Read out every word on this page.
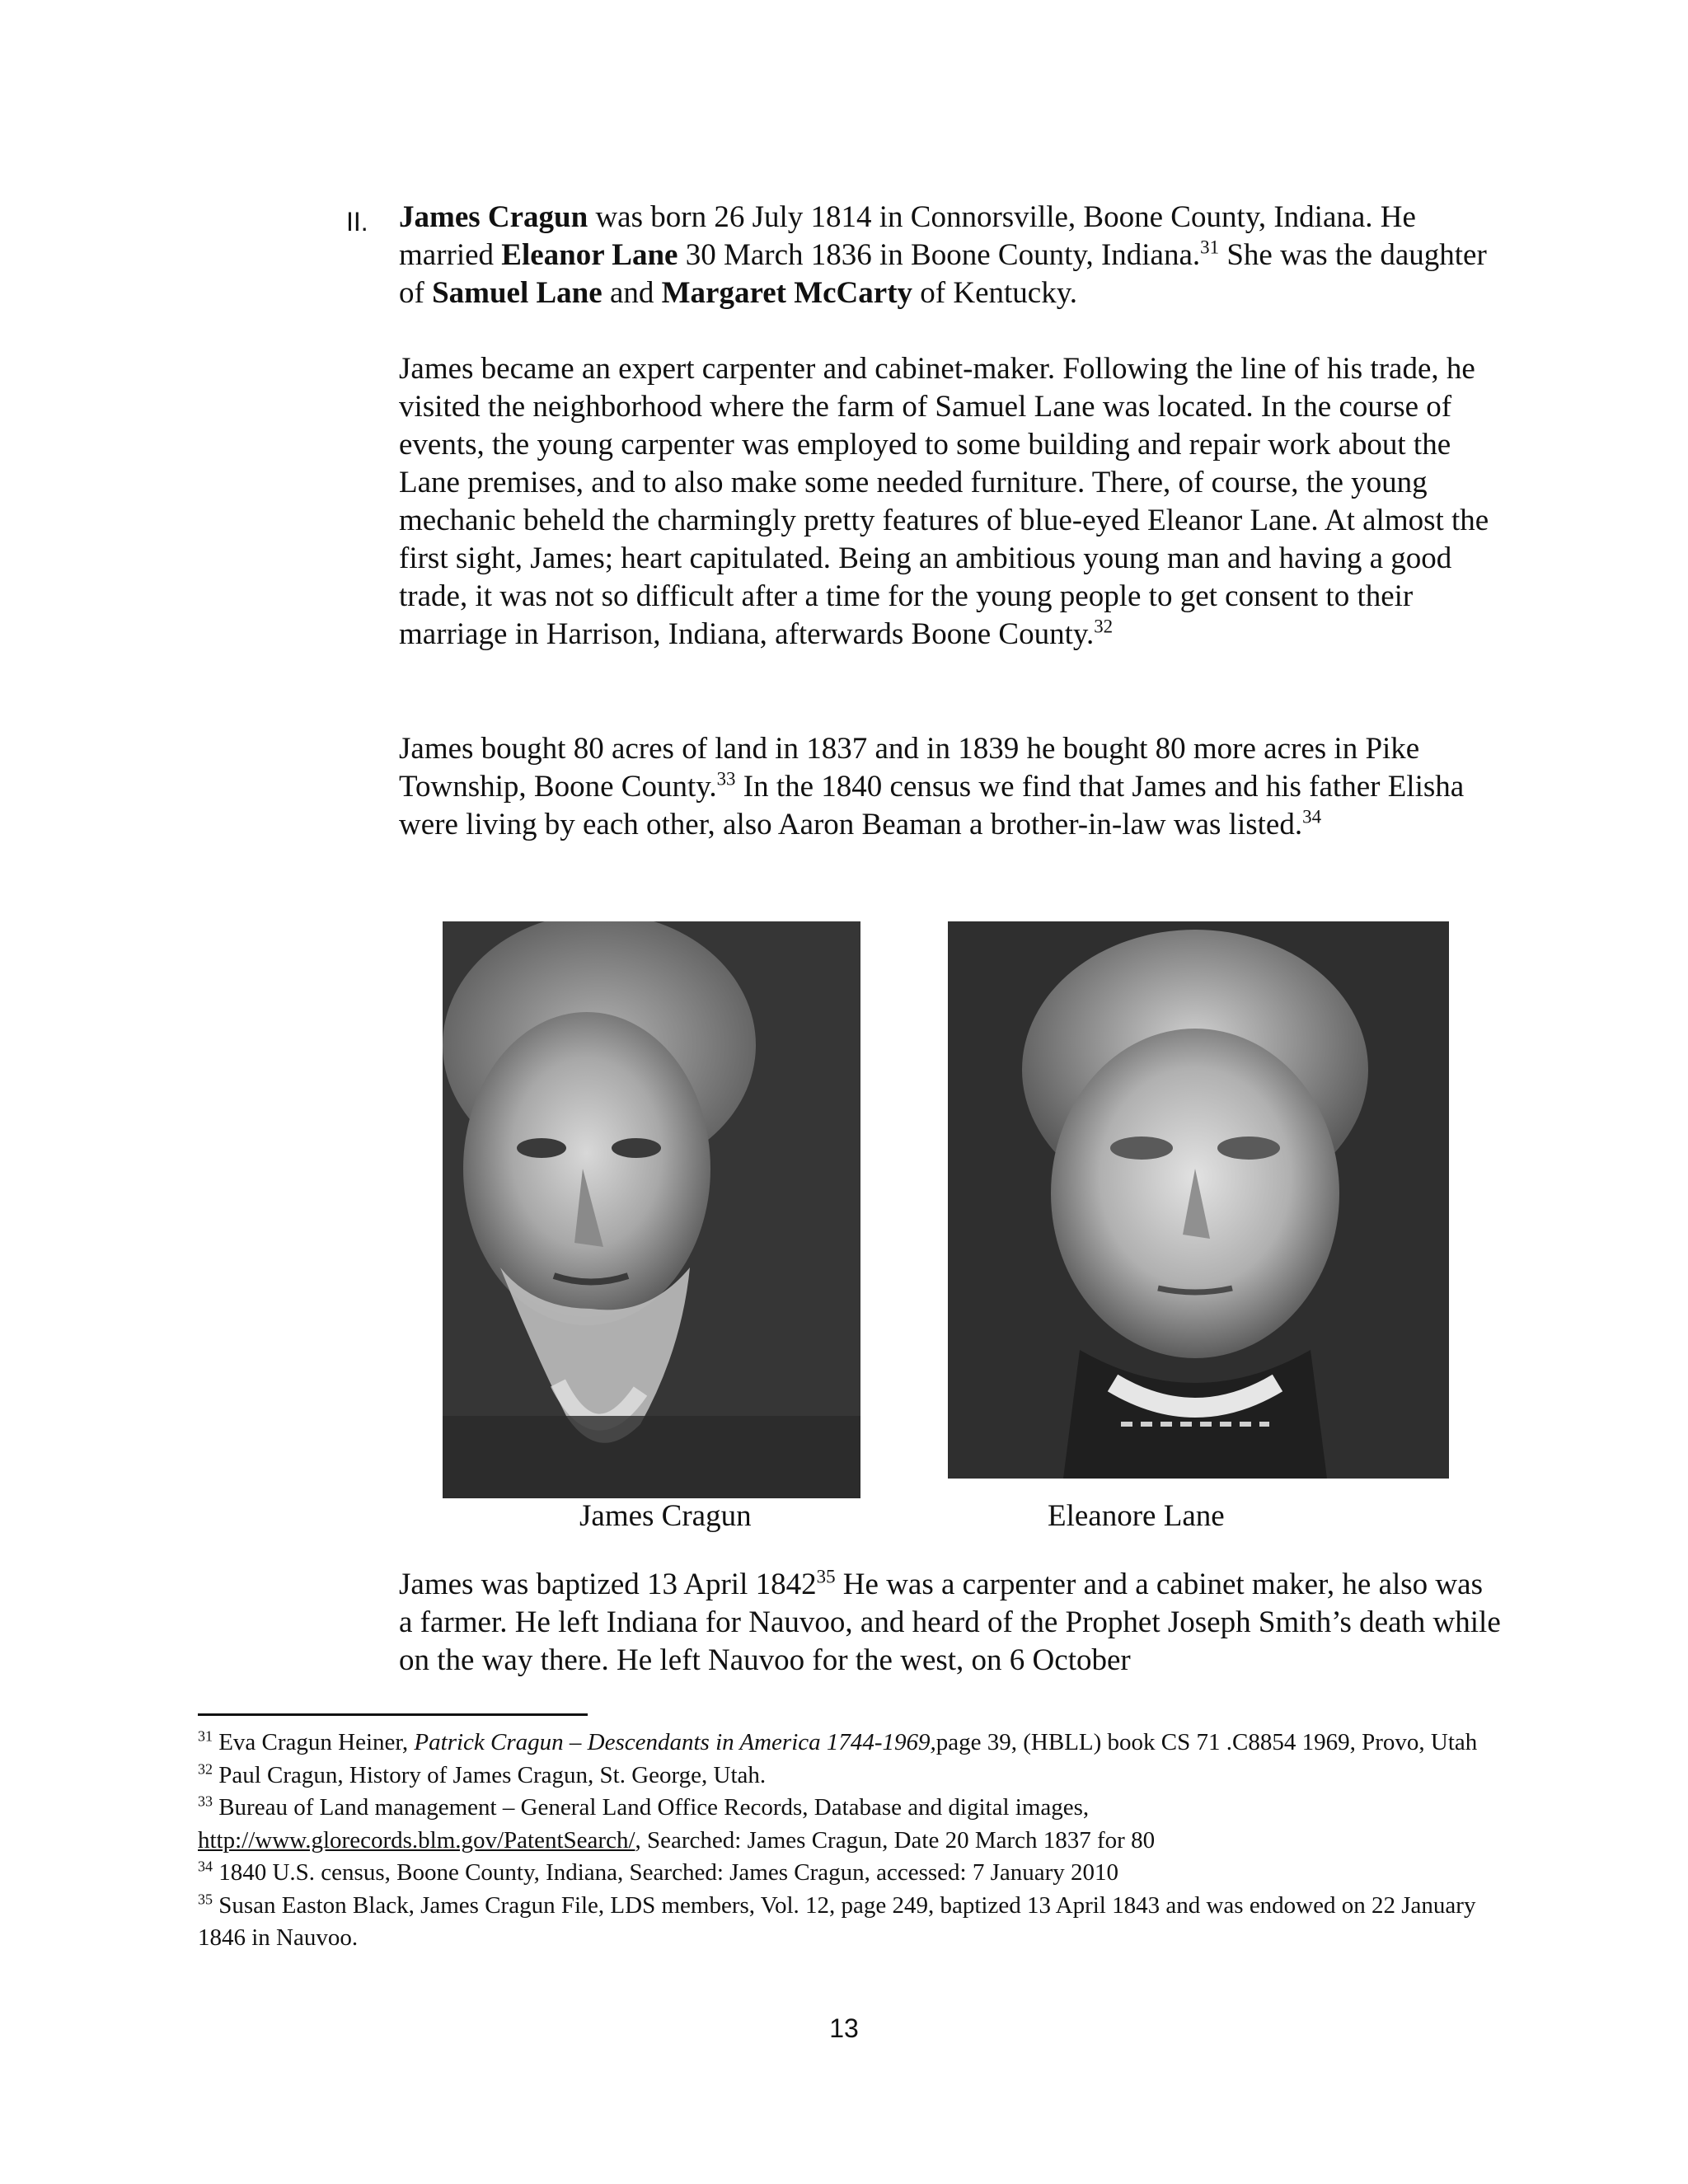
II. James Cragun was born 26 July 1814 in Connorsville, Boone County, Indiana. He married Eleanor Lane 30 March 1836 in Boone County, Indiana.$^{31}$ She was the daughter of Samuel Lane and Margaret McCarty of Kentucky.

James became an expert carpenter and cabinet-maker. Following the line of his trade, he visited the neighborhood where the farm of Samuel Lane was located. In the course of events, the young carpenter was employed to some building and repair work about the Lane premises, and to also make some needed furniture. There, of course, the young mechanic beheld the charmingly pretty features of blue-eyed Eleanor Lane. At almost the first sight, James; heart capitulated. Being an ambitious young man and having a good trade, it was not so difficult after a time for the young people to get consent to their marriage in Harrison, Indiana, afterwards Boone County.$^{32}$

James bought 80 acres of land in 1837 and in 1839 he bought 80 more acres in Pike Township, Boone County.$^{33}$ In the 1840 census we find that James and his father Elisha were living by each other, also Aaron Beaman a brother-in-law was listed.$^{34}$

James Cragun	Eleanore Lane

James was baptized 13 April 1842$^{35}$ He was a carpenter and a cabinet maker, he also was a farmer. He left Indiana for Nauvoo, and heard of the Prophet Joseph Smith’s death while on the way there. He left Nauvoo for the west, on 6 October

$^{31}$ Eva Cragun Heiner, Patrick Cragun – Descendants in America 1744-1969,page 39, (HBLL) book CS 71 .C8854 1969, Provo, Utah

$^{32}$ Paul Cragun, History of James Cragun, St. George, Utah.

$^{33}$ Bureau of Land management – General Land Office Records, Database and digital images, http://www.glorecords.blm.gov/PatentSearch/, Searched: James Cragun, Date 20 March 1837 for 80

$^{34}$ 1840 U.S. census, Boone County, Indiana, Searched: James Cragun, accessed: 7 January 2010

$^{35}$ Susan Easton Black, James Cragun File, LDS members, Vol. 12, page 249, baptized 13 April 1843 and was endowed on 22 January 1846 in Nauvoo.

13
